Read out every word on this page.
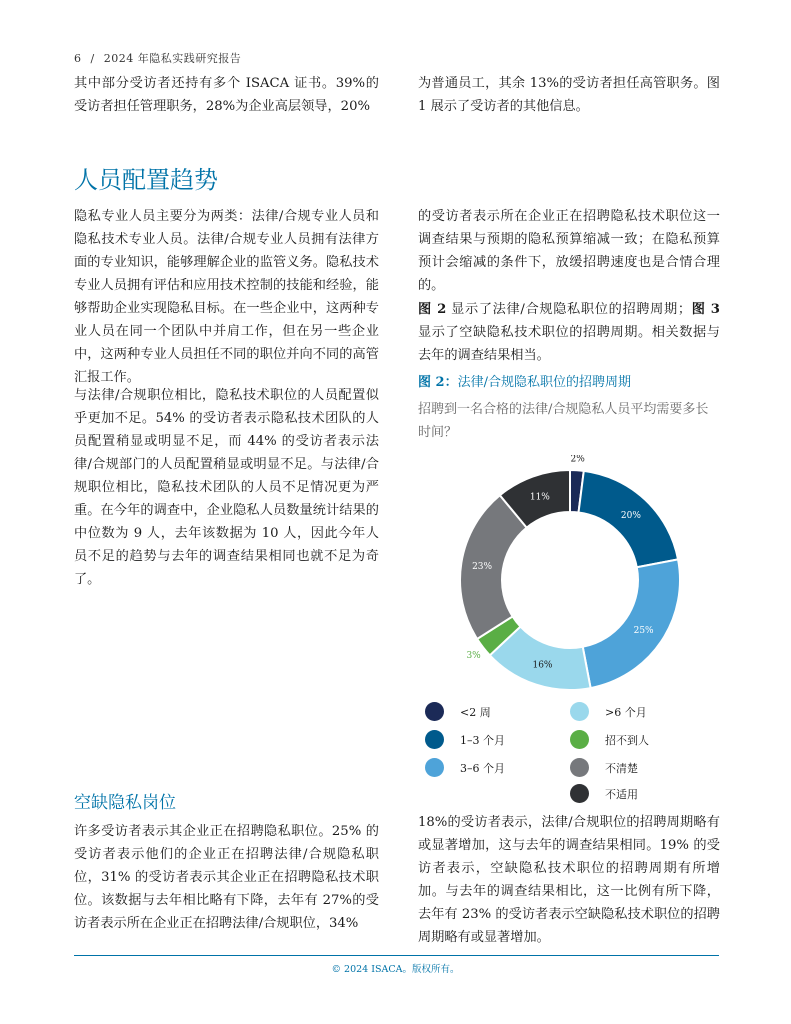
6 / 2024 年隐私实践研究报告

其中部分受访者还持有多个 ISACA 证书。39%的受访者担任管理职务，28%为企业高层领导，20%

为普通员工，其余 13%的受访者担任高管职务。图 1 展示了受访者的其他信息。

人员配置趋势

隐私专业人员主要分为两类：法律/合规专业人员和隐私技术专业人员。法律/合规专业人员拥有法律方面的专业知识，能够理解企业的监管义务。隐私技术专业人员拥有评估和应用技术控制的技能和经验，能够帮助企业实现隐私目标。在一些企业中，这两种专业人员在同一个团队中并肩工作，但在另一些企业中，这两种专业人员担任不同的职位并向不同的高管汇报工作。

与法律/合规职位相比，隐私技术职位的人员配置似乎更加不足。54% 的受访者表示隐私技术团队的人员配置稍显或明显不足，而 44% 的受访者表示法律/合规部门的人员配置稍显或明显不足。与法律/合规职位相比，隐私技术团队的人员不足情况更为严重。在今年的调查中，企业隐私人员数量统计结果的中位数为 9 人，去年该数据为 10 人，因此今年人员不足的趋势与去年的调查结果相同也就不足为奇了。

的受访者表示所在企业正在招聘隐私技术职位这一调查结果与预期的隐私预算缩减一致；在隐私预算预计会缩减的条件下，放缓招聘速度也是合情合理的。

图 2 显示了法律/合规隐私职位的招聘周期；图 3 显示了空缺隐私技术职位的招聘周期。相关数据与去年的调查结果相当。

图 2：法律/合规隐私职位的招聘周期
招聘到一名合格的法律/合规隐私人员平均需要多长时间？
2%
20%
25%
16%
3%
23%
11%
<2 周
1–3 个月
3–6 个月
>6 个月
招不到人
不清楚
不适用
空缺隐私岗位

许多受访者表示其企业正在招聘隐私职位。25% 的受访者表示他们的企业正在招聘法律/合规隐私职位，31% 的受访者表示其企业正在招聘隐私技术职位。该数据与去年相比略有下降，去年有 27%的受访者表示所在企业正在招聘法律/合规职位，34%

18%的受访者表示，法律/合规职位的招聘周期略有或显著增加，这与去年的调查结果相同。19% 的受访者表示，空缺隐私技术职位的招聘周期有所增加。与去年的调查结果相比，这一比例有所下降，去年有 23% 的受访者表示空缺隐私技术职位的招聘周期略有或显著增加。

© 2024 ISACA。版权所有。
